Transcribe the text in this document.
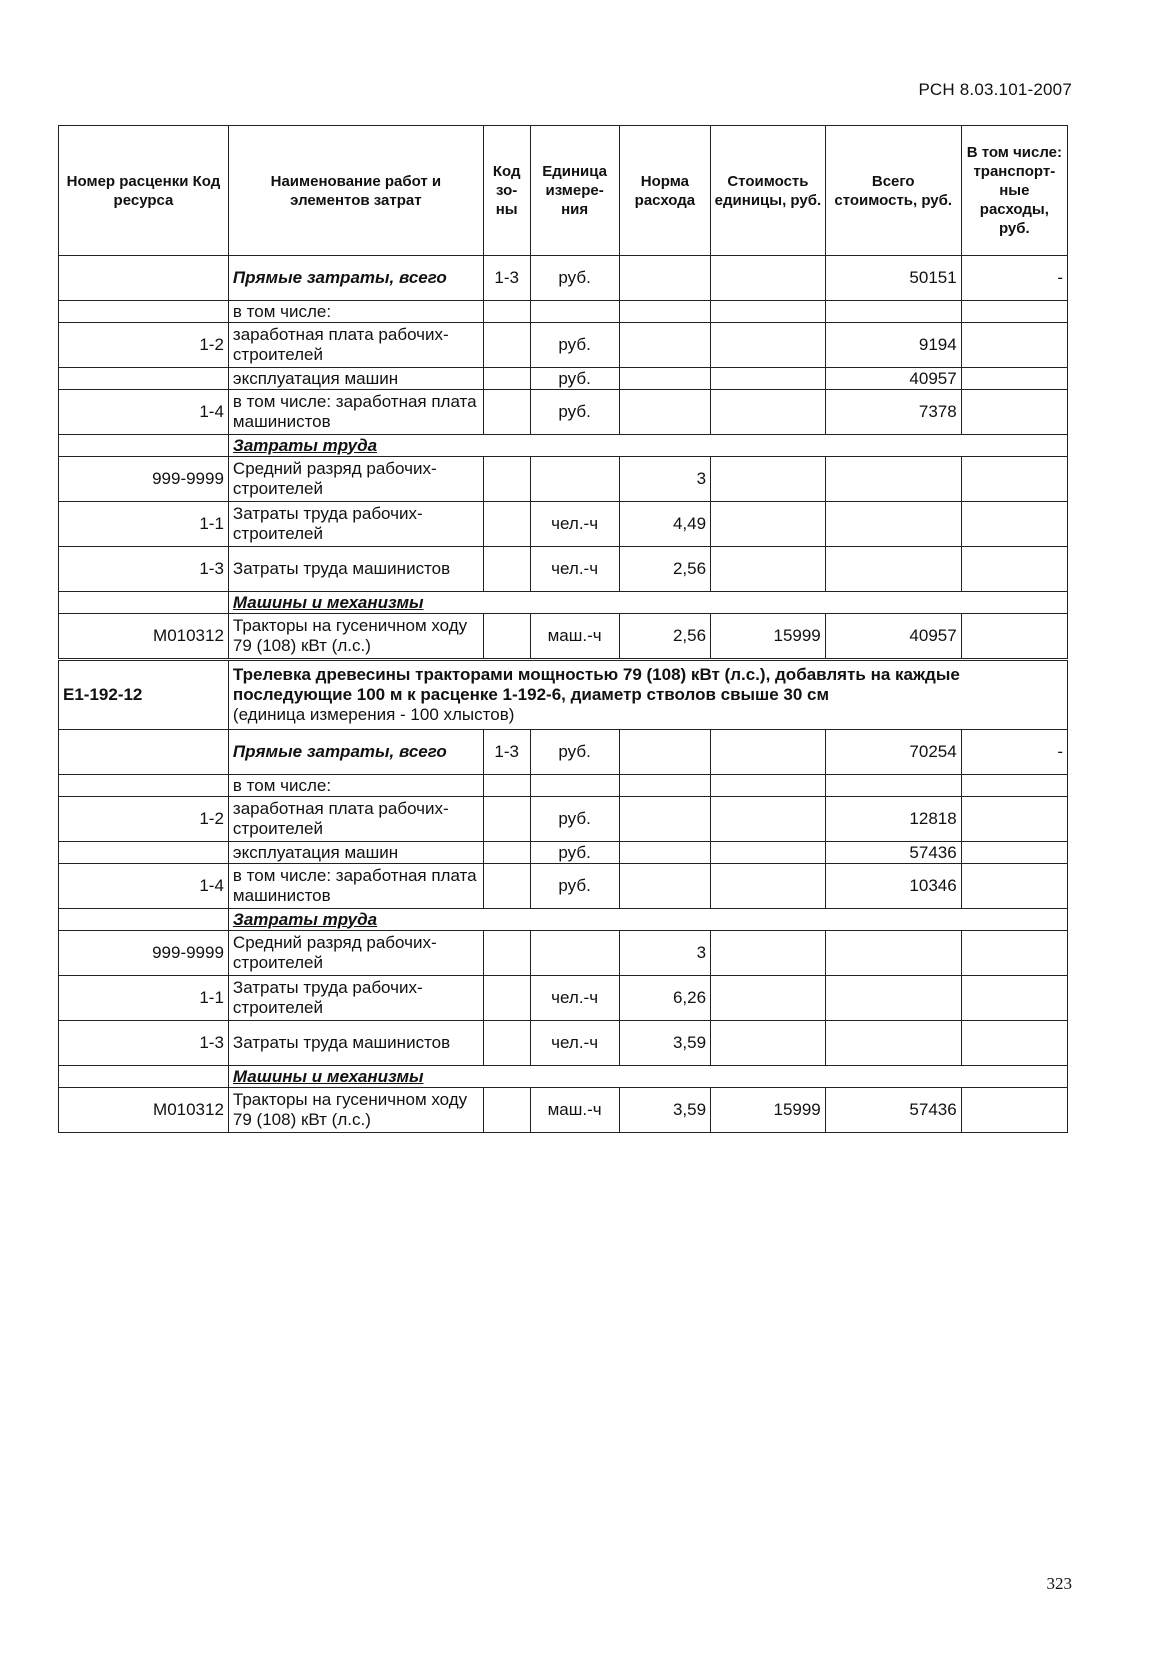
РСН 8.03.101-2007
Номер расценки Код ресурса	Наименование работ и элементов затрат	Код зо-ны	Единица измере-ния	Норма расхода	Стоимость единицы, руб.	Всего стоимость, руб.	В том числе: транспорт-ные расходы, руб.
	Прямые затраты, всего	1-3	руб.			50151	-
	в том числе:						
1-2	заработная плата рабочих-строителей		руб.			9194	
	эксплуатация машин		руб.			40957	
1-4	в том числе: заработная плата машинистов		руб.			7378	
	Затраты труда						
999-9999	Средний разряд рабочих-строителей			3			
1-1	Затраты труда рабочих-строителей		чел.-ч	4,49			
1-3	Затраты труда машинистов		чел.-ч	2,56			
	Машины и механизмы						
М010312	Тракторы на гусеничном ходу 79 (108) кВт (л.с.)		маш.-ч	2,56	15999	40957	
Е1-192-12	Трелевка древесины тракторами мощностью 79 (108) кВт (л.с.), добавлять на каждые последующие 100 м к расценке 1-192-6, диаметр стволов свыше 30 см
(единица измерения - 100 хлыстов)						
	Прямые затраты, всего	1-3	руб.			70254	-
	в том числе:						
1-2	заработная плата рабочих-строителей		руб.			12818	
	эксплуатация машин		руб.			57436	
1-4	в том числе: заработная плата машинистов		руб.			10346	
	Затраты труда						
999-9999	Средний разряд рабочих-строителей			3			
1-1	Затраты труда рабочих-строителей		чел.-ч	6,26			
1-3	Затраты труда машинистов		чел.-ч	3,59			
	Машины и механизмы						
М010312	Тракторы на гусеничном ходу 79 (108) кВт (л.с.)		маш.-ч	3,59	15999	57436	
323
